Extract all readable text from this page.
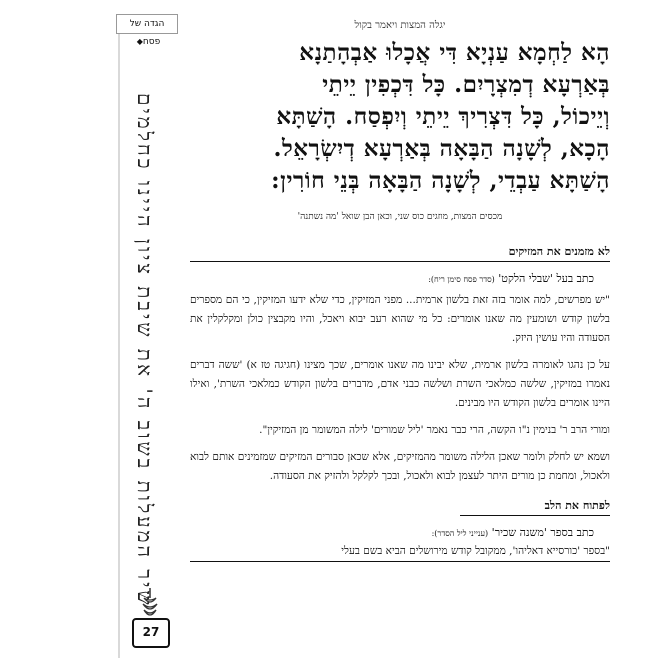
הגדה של פסח◆
שיר המעלות בשוב ה' את שיבת ציון היינו כחלמים
27

יגלה המצות ויאמר בקול

הָא לַחְמָא עַנְיָא דִּי אֲכָלוּ אַבְהָתַנָא
בְּאַרְעָא דְמִצְרָיִם. כָּל דִּכְפִין יֵיתֵי
וְיֵיכוֹל, כָּל דִּצְרִיךְ יֵיתֵי וְיִפְסַח. הָשַׁתָּא
הָכָא, לְשָׁנָה הַבָּאָה בְּאַרְעָא דְיִשְׂרָאֵל.
הָשַׁתָּא עַבְדֵי, לְשָׁנָה הַבָּאָה בְּנֵי חוֹרִין:

מכסים המצות, מוזגים כוס שני, וכאן הבן שואל 'מה נשתנה'

לא מזמנים את המזיקים

כתב בעל 'שבלי הלקט' (סדר פסח סימן ריח):

"יש מפרשים, למה אומר בזה זאת בלשון ארמית... מפני המזיקין, כדי שלא ידעו המזיקין, כי הם מספרים בלשון קודש ושומעין מה שאנו אומרים: כל מי שהוא רעב יבוא ויאכל, והיו מקבצין כולן ומקלקלין את הסעודה והיו עושין היזק.

על כן נהגו לאומרה בלשון ארמית, שלא יבינו מה שאנו אומרים, שכך מצינו (חגיגה טז א) 'ששה דברים נאמרו במזיקין, שלשה כמלאכי השרת ושלשה כבני אדם, מדברים בלשון הקודש כמלאכי השרת', ואילו היינו אומרים בלשון הקודש היו מבינים.

ומורי הרב ר' בנימין נ"ו הקשה, הרי כבר נאמר 'ליל שמורים' לילה המשומר מן המזיקין".

ושמא יש לחלק ולומר שאכן הלילה משומר מהמזיקים, אלא שכאן סבורים המזיקים שמזמינים אותם לבוא ולאכול, ומחמת כן מורים היתר לעצמן לבוא ולאכול, ובכך לקלקל ולהזיק את הסעודה.

לפתוח את הלב

כתב בספר 'משנה שכיר' (ענייני ליל הסדר):

"בספר 'כורסייא דאליהו', ממקובל קודש מירושלים הביא בשם בעלי
